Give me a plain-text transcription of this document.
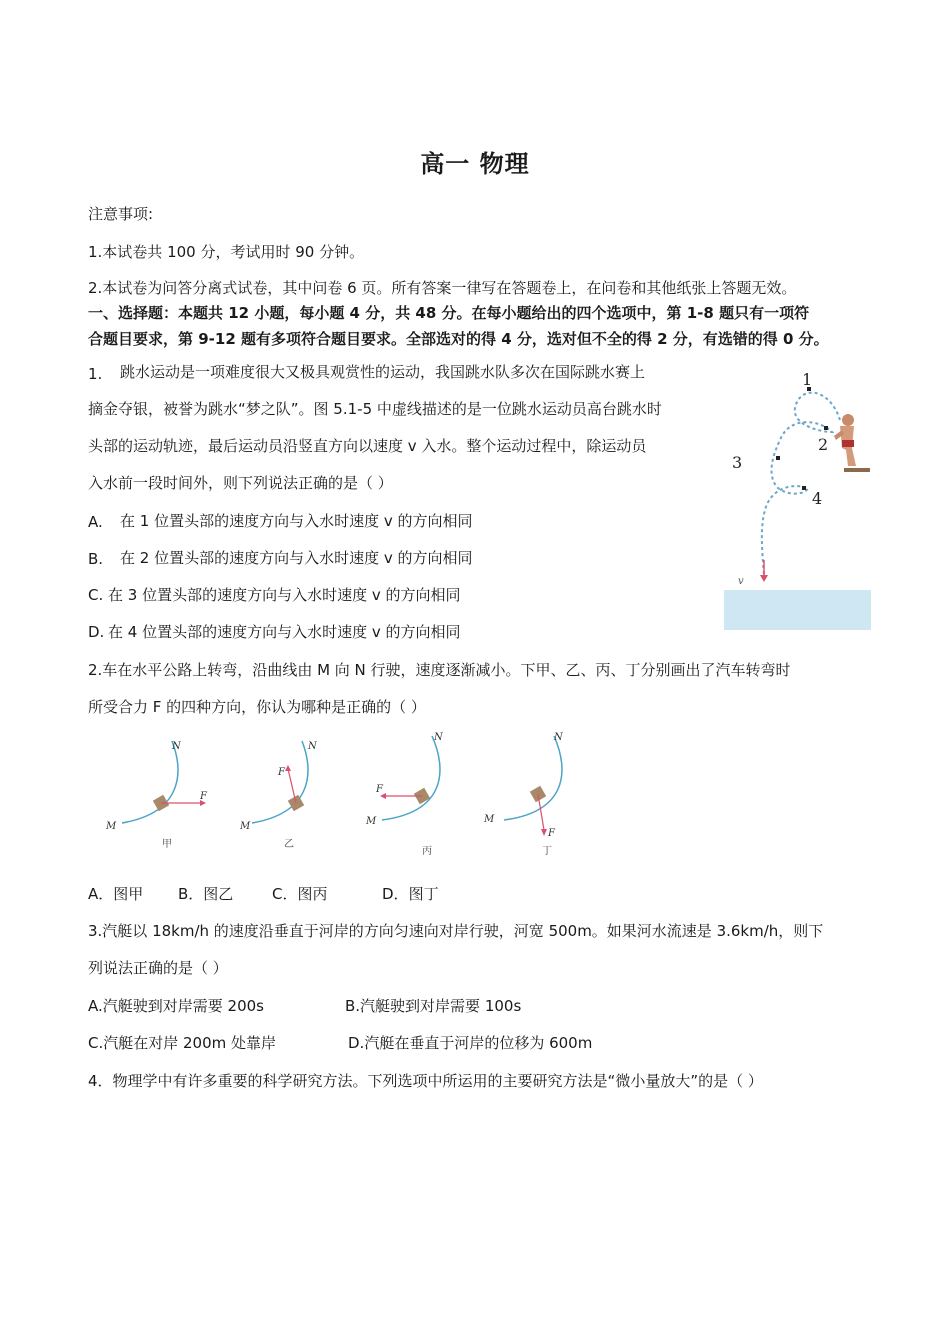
高一 物理
注意事项:
1.本试卷共 100 分，考试用时 90 分钟。
2.本试卷为问答分离式试卷，其中问卷 6 页。所有答案一律写在答题卷上，在问卷和其他纸张上答题无效。
一、选择题：本题共 12 小题，每小题 4 分，共 48 分。在每小题给出的四个选项中，第 1-8 题只有一项符
合题目要求，第 9-12 题有多项符合题目要求。全部选对的得 4 分，选对但不全的得 2 分，有选错的得 0 分。
1. 跳水运动是一项难度很大又极具观赏性的运动，我国跳水队多次在国际跳水赛上
摘金夺银，被誉为跳水“梦之队”。图 5.1-5 中虚线描述的是一位跳水运动员高台跳水时
头部的运动轨迹，最后运动员沿竖直方向以速度 v 入水。整个运动过程中，除运动员
入水前一段时间外，则下列说法正确的是（ ）
A. 在 1 位置头部的速度方向与入水时速度 v 的方向相同
B. 在 2 位置头部的速度方向与入水时速度 v 的方向相同
C. 在 3 位置头部的速度方向与入水时速度 v 的方向相同
D. 在 4 位置头部的速度方向与入水时速度 v 的方向相同
1
2
3
4
v
2.车在水平公路上转弯，沿曲线由 M 向 N 行驶，速度逐渐减小。下甲、乙、丙、丁分别画出了汽车转弯时
所受合力 F 的四种方向，你认为哪种是正确的（ ）
F
N
M
甲
F
N
M
乙
F
N
M
丙
F
N
M
丁
A．图甲 B．图乙	C．图丙	D．图丁
3.汽艇以 18km/h 的速度沿垂直于河岸的方向匀速向对岸行驶，河宽 500m。如果河水流速是 3.6km/h，则下
列说法正确的是（ ）
A.汽艇驶到对岸需要 200s	B.汽艇驶到对岸需要 100s
C.汽艇在对岸 200m 处靠岸	D.汽艇在垂直于河岸的位移为 600m
4．物理学中有许多重要的科学研究方法。下列选项中所运用的主要研究方法是“微小量放大”的是（ ）
